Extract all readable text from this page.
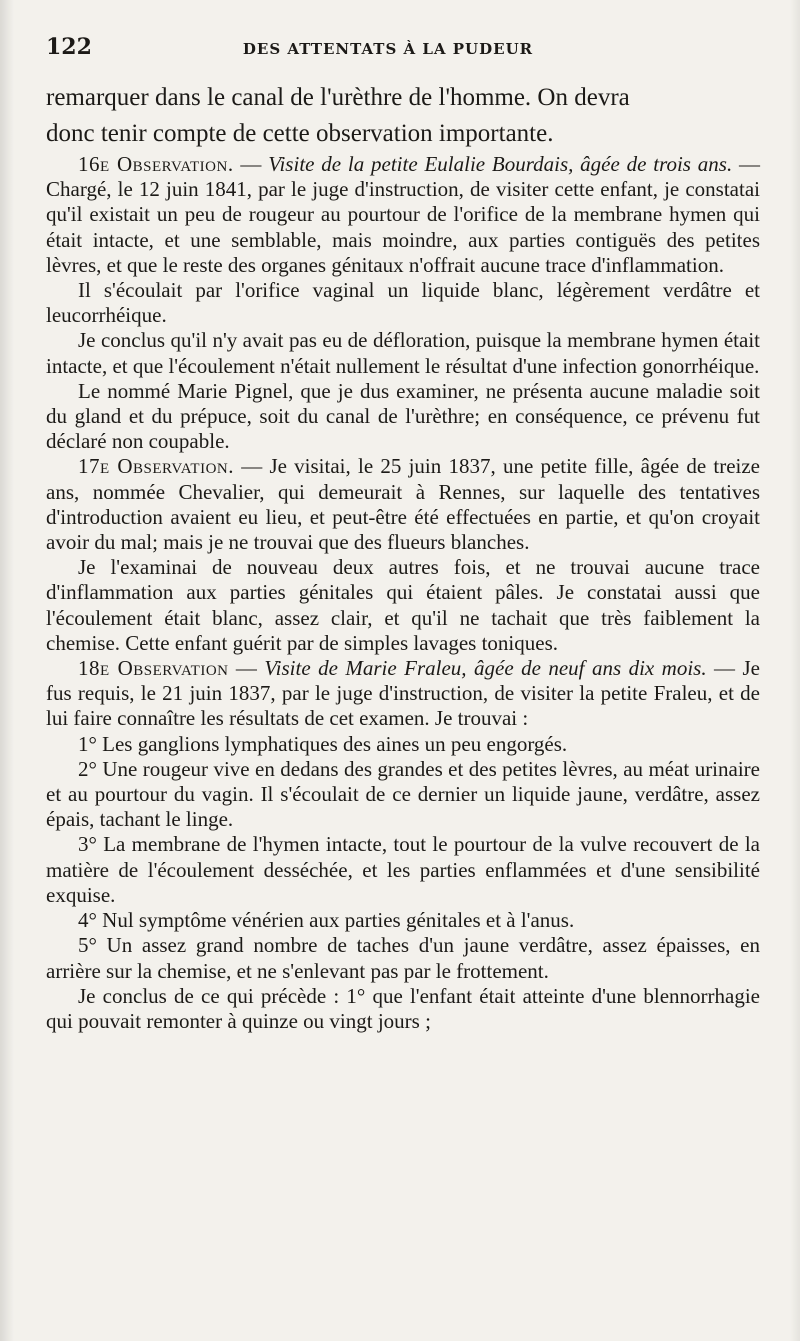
122	DES ATTENTATS À LA PUDEUR

remarquer dans le canal de l'urèthre de l'homme. On devra
donc tenir compte de cette observation importante.

16e Observation. — Visite de la petite Eulalie Bourdais, âgée de trois ans. — Chargé, le 12 juin 1841, par le juge d'instruction, de visiter cette enfant, je constatai qu'il existait un peu de rougeur au pourtour de l'orifice de la membrane hymen qui était intacte, et une semblable, mais moindre, aux parties contiguës des petites lèvres, et que le reste des organes génitaux n'offrait aucune trace d'inflammation.

Il s'écoulait par l'orifice vaginal un liquide blanc, légèrement verdâtre et leucorrhéique.

Je conclus qu'il n'y avait pas eu de défloration, puisque la membrane hymen était intacte, et que l'écoulement n'était nullement le résultat d'une infection gonorrhéique.

Le nommé Marie Pignel, que je dus examiner, ne présenta aucune maladie soit du gland et du prépuce, soit du canal de l'urèthre; en conséquence, ce prévenu fut déclaré non coupable.

17e Observation. — Je visitai, le 25 juin 1837, une petite fille, âgée de treize ans, nommée Chevalier, qui demeurait à Rennes, sur laquelle des tentatives d'introduction avaient eu lieu, et peut-être été effectuées en partie, et qu'on croyait avoir du mal; mais je ne trouvai que des flueurs blanches.

Je l'examinai de nouveau deux autres fois, et ne trouvai aucune trace d'inflammation aux parties génitales qui étaient pâles. Je constatai aussi que l'écoulement était blanc, assez clair, et qu'il ne tachait que très faiblement la chemise. Cette enfant guérit par de simples lavages toniques.

18e Observation — Visite de Marie Fraleu, âgée de neuf ans dix mois. — Je fus requis, le 21 juin 1837, par le juge d'instruction, de visiter la petite Fraleu, et de lui faire connaître les résultats de cet examen. Je trouvai :

1° Les ganglions lymphatiques des aines un peu engorgés.

2° Une rougeur vive en dedans des grandes et des petites lèvres, au méat urinaire et au pourtour du vagin. Il s'écoulait de ce dernier un liquide jaune, verdâtre, assez épais, tachant le linge.

3° La membrane de l'hymen intacte, tout le pourtour de la vulve recouvert de la matière de l'écoulement desséchée, et les parties enflammées et d'une sensibilité exquise.

4° Nul symptôme vénérien aux parties génitales et à l'anus.

5° Un assez grand nombre de taches d'un jaune verdâtre, assez épaisses, en arrière sur la chemise, et ne s'enlevant pas par le frottement.

Je conclus de ce qui précède : 1° que l'enfant était atteinte d'une blennorrhagie qui pouvait remonter à quinze ou vingt jours ;
